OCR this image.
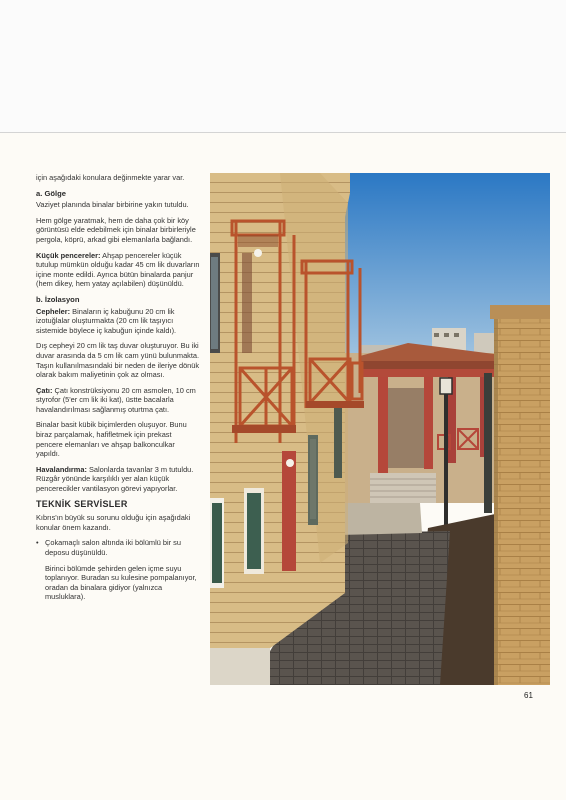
için aşağıdaki konulara değinmekte yarar var.

a. Gölge

Vaziyet planında binalar birbirine yakın tutuldu.

Hem gölge yaratmak, hem de daha çok bir köy görüntüsü elde edebilmek için binalar birbirleriyle pergola, köprü, arkad gibi elemanlarla bağlandı.

Küçük pencereler: Ahşap pencereler küçük tutulup mümkün olduğu kadar 45 cm lik duvarların içine monte edildi. Ayrıca bütün binalarda panjur (hem dikey, hem yatay açılabilen) düşünüldü.

b. İzolasyon

Cepheler: Binaların iç kabuğunu 20 cm lik izotuğlalar oluşturmakta (20 cm lik taşıyıcı sistemide böylece iç kabuğun içinde kaldı).

Dış cepheyi 20 cm lik taş duvar oluşturuyor. Bu iki duvar arasında da 5 cm lik cam yünü bulunmakta. Taşın kullanılmasındaki bir neden de ileriye dönük olarak bakım maliyetinin çok az olması.

Çatı: Çatı konstrüksiyonu 20 cm asmolen, 10 cm styrofor (5'er cm lik iki kat), üstte bacalarla havalandırılması sağlanmış oturtma çatı.

Binalar basit kübik biçimlerden oluşuyor. Bunu biraz parçalamak, hafifletmek için prekast pencere elemanları ve ahşap balkonculkar yapıldı.

Havalandırma: Salonlarda tavanlar 3 m tutuldu. Rüzgâr yönünde karşılıklı yer alan küçük pencerecikler vantilasyon görevi yapıyorlar.

TEKNİK SERVİSLER

Kıbrıs'ın büyük su sorunu olduğu için aşağıdaki konular önem kazandı.

• Çokamaçlı salon altında iki bölümlü bir su deposu düşünüldü.

Birinci bölümde şehirden gelen içme suyu toplanıyor. Buradan su kulesine pompalanıyor, oradan da binalara gidiyor (yalnızca musluklara).

61
